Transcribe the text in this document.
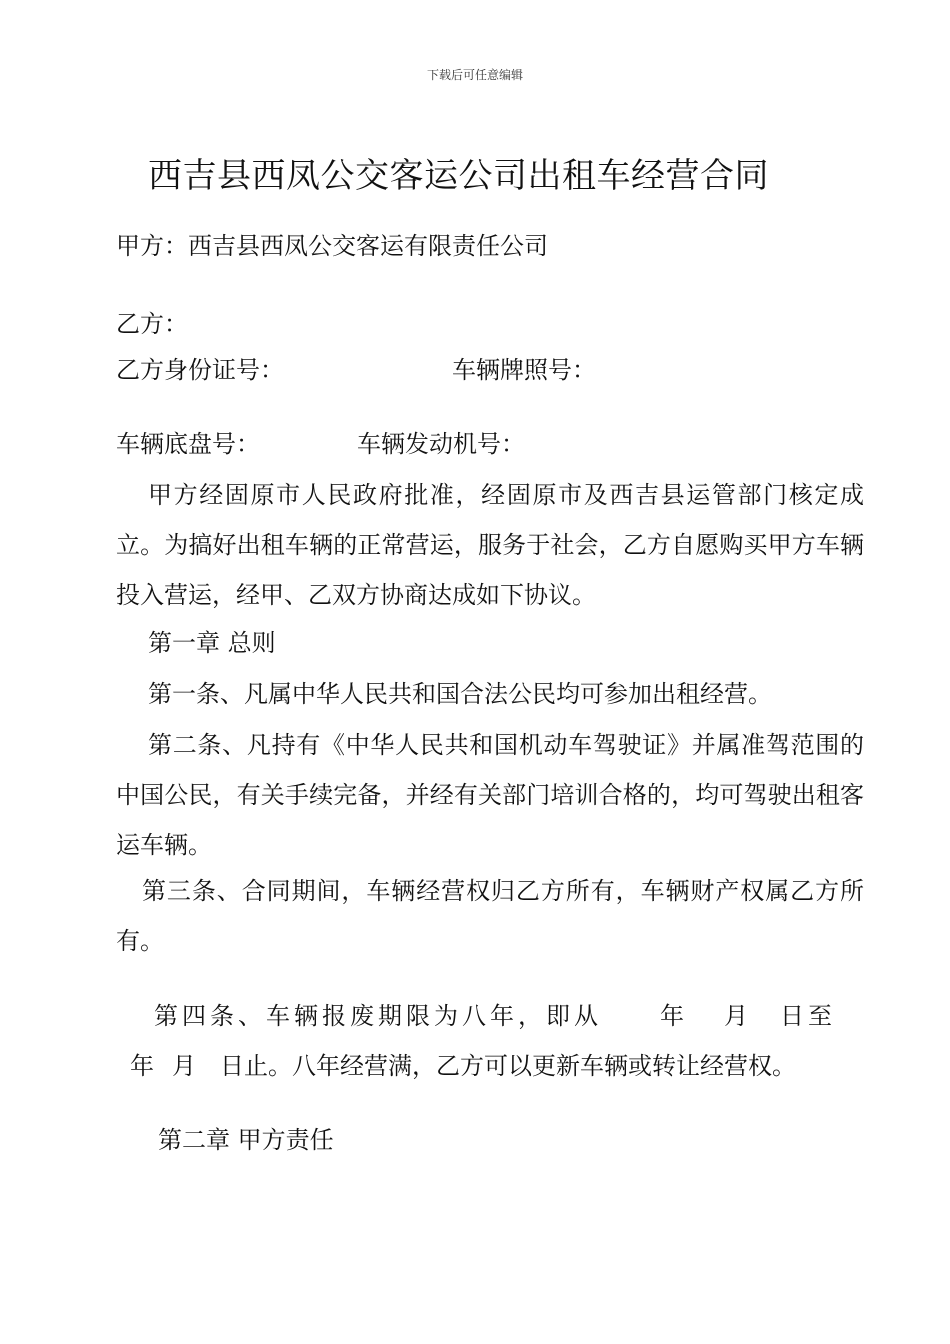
下载后可任意编辑
西吉县西凤公交客运公司出租车经营合同
甲方：西吉县西凤公交客运有限责任公司
乙方：
乙方身份证号：	车辆牌照号：
车辆底盘号：	车辆发动机号：
甲方经固原市人民政府批准，经固原市及西吉县运管部门核定成立。为搞好出租车辆的正常营运，服务于社会，乙方自愿购买甲方车辆投入营运，经甲、乙双方协商达成如下协议。
第一章 总则
第一条、凡属中华人民共和国合法公民均可参加出租经营。
第二条、凡持有《中华人民共和国机动车驾驶证》并属准驾范围的中国公民，有关手续完备，并经有关部门培训合格的，均可驾驶出租客运车辆。
第三条、合同期间，车辆经营权归乙方所有，车辆财产权属乙方所有。
第四条、车辆报废期限为八年，即从 年 月 日至
年 月 日止。八年经营满，乙方可以更新车辆或转让经营权。
第二章 甲方责任
